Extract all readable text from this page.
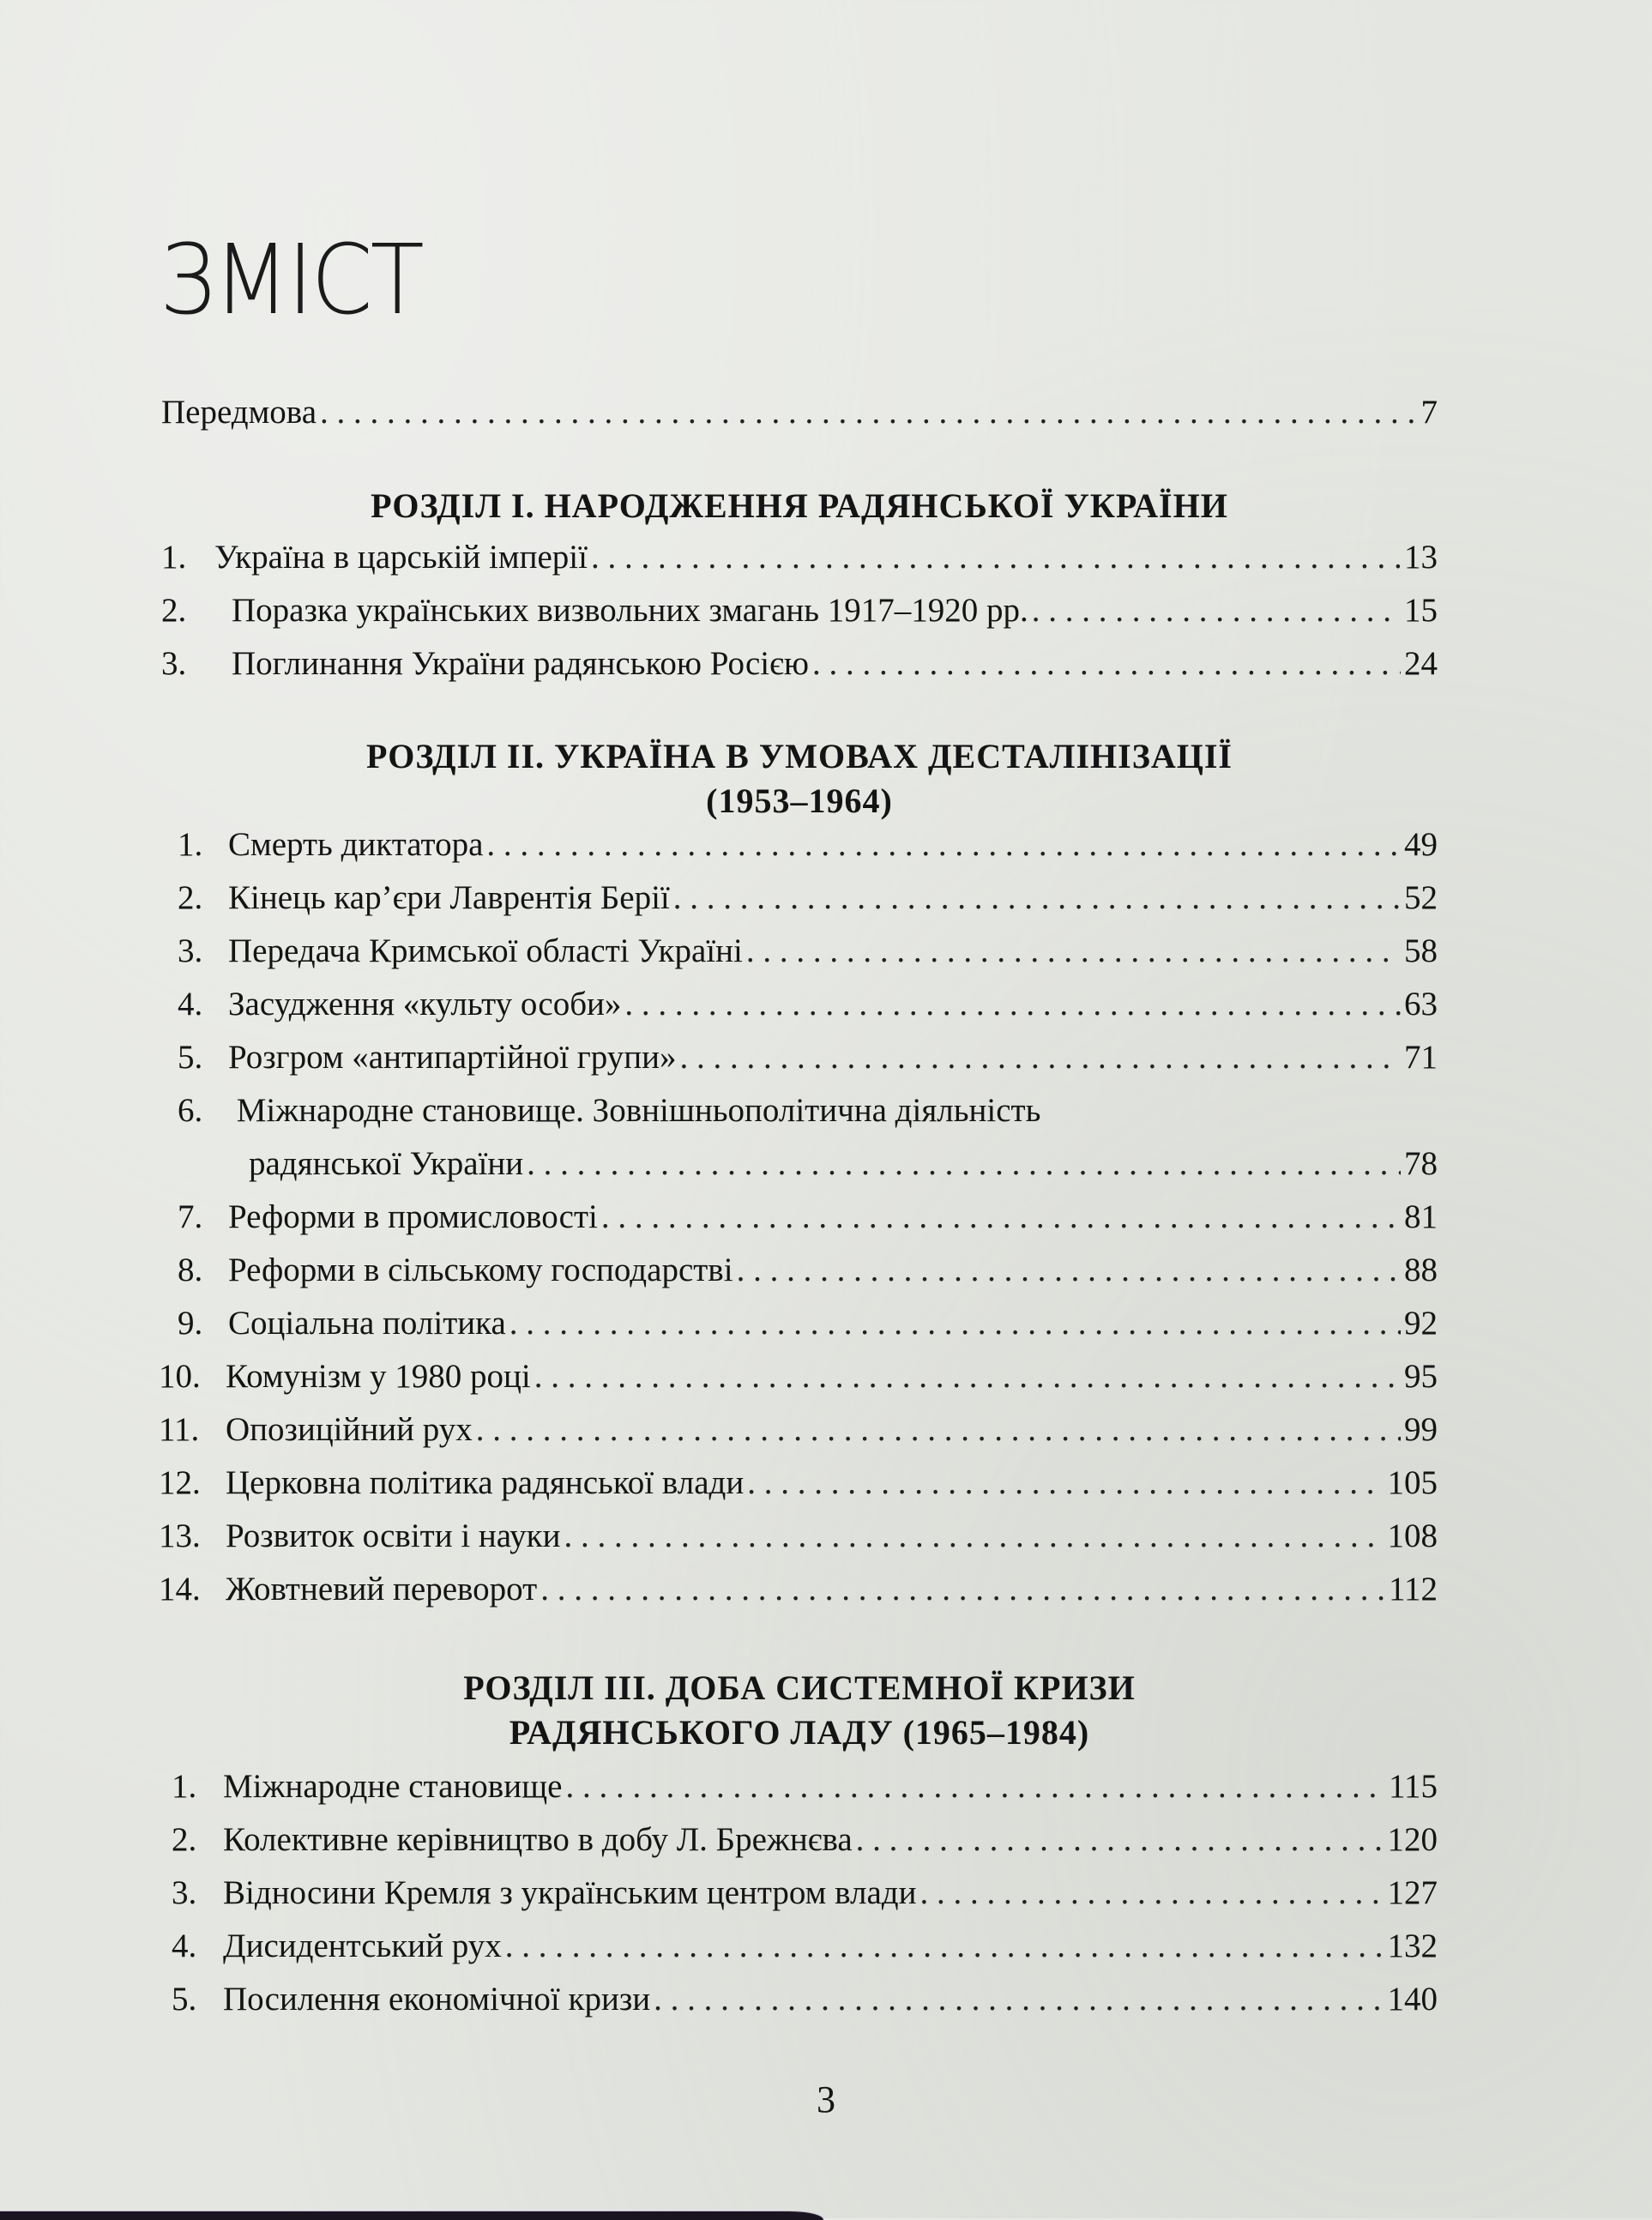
ЗМІСТ
Передмова . . .	7
РОЗДІЛ І. НАРОДЖЕННЯ РАДЯНСЬКОЇ УКРАЇНИ
1. Україна в царській імперії . . .	13
2.	Поразка українських визвольних змагань 1917–1920 рр. . . .	15
3.	Поглинання України радянською Росією . . .	24
РОЗДІЛ ІІ. УКРАЇНА В УМОВАХ ДЕСТАЛІНІЗАЦІЇ
(1953–1964)
1. Смерть диктатора . . .	49
2. Кінець кар’єри Лаврентія Берії . . .	52
3. Передача Кримської області Україні . . .	58
4. Засудження «культу особи» . . .	63
5. Розгром «антипартійної групи» . . .	71
6. Міжнародне становище. Зовнішньополітична діяльність
радянської України . . .	78
7. Реформи в промисловості . . .	81
8. Реформи в сільському господарстві . . .	88
9. Соціальна політика . . .	92
10. Комунізм у 1980 році . . .	95
11. Опозиційний рух . . .	99
12. Церковна політика радянської влади . . .	105
13. Розвиток освіти і науки . . .	108
14. Жовтневий переворот . . .	112
РОЗДІЛ ІІІ. ДОБА СИСТЕМНОЇ КРИЗИ
РАДЯНСЬКОГО ЛАДУ (1965–1984)
1. Міжнародне становище . . .	115
2. Колективне керівництво в добу Л. Брежнєва . . .	120
3. Відносини Кремля з українським центром влади . . .	127
4. Дисидентський рух . . .	132
5. Посилення економічної кризи . . .	140
3
